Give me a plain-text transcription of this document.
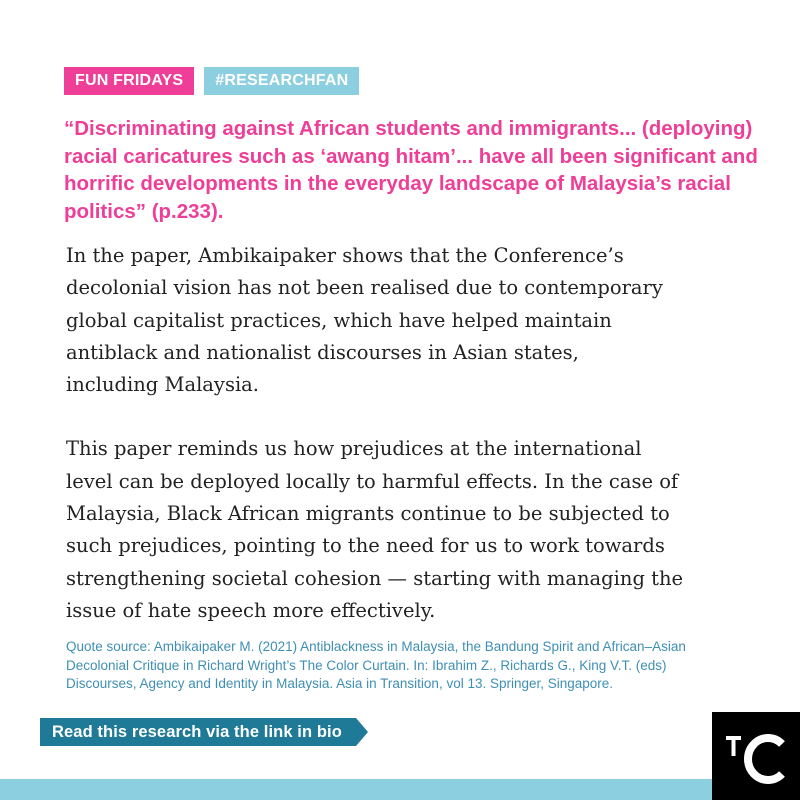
FUN FRIDAYS	#RESEARCHFAN

“Discriminating against African students and immigrants... (deploying) racial caricatures such as ‘awang hitam’... have all been significant and horrific developments in the everyday landscape of Malaysia’s racial politics” (p.233).

In the paper, Ambikaipaker shows that the Conference’s
decolonial vision has not been realised due to contemporary
global capitalist practices, which have helped maintain
antiblack and nationalist discourses in Asian states,
including Malaysia.

This paper reminds us how prejudices at the international
level can be deployed locally to harmful effects. In the case of
Malaysia, Black African migrants continue to be subjected to
such prejudices, pointing to the need for us to work towards
strengthening societal cohesion — starting with managing the
issue of hate speech more effectively.

Quote source: Ambikaipaker M. (2021) Antiblackness in Malaysia, the Bandung Spirit and African–Asian
Decolonial Critique in Richard Wright’s The Color Curtain. In: Ibrahim Z., Richards G., King V.T. (eds)
Discourses, Agency and Identity in Malaysia. Asia in Transition, vol 13. Springer, Singapore.

Read this research via the link in bio
